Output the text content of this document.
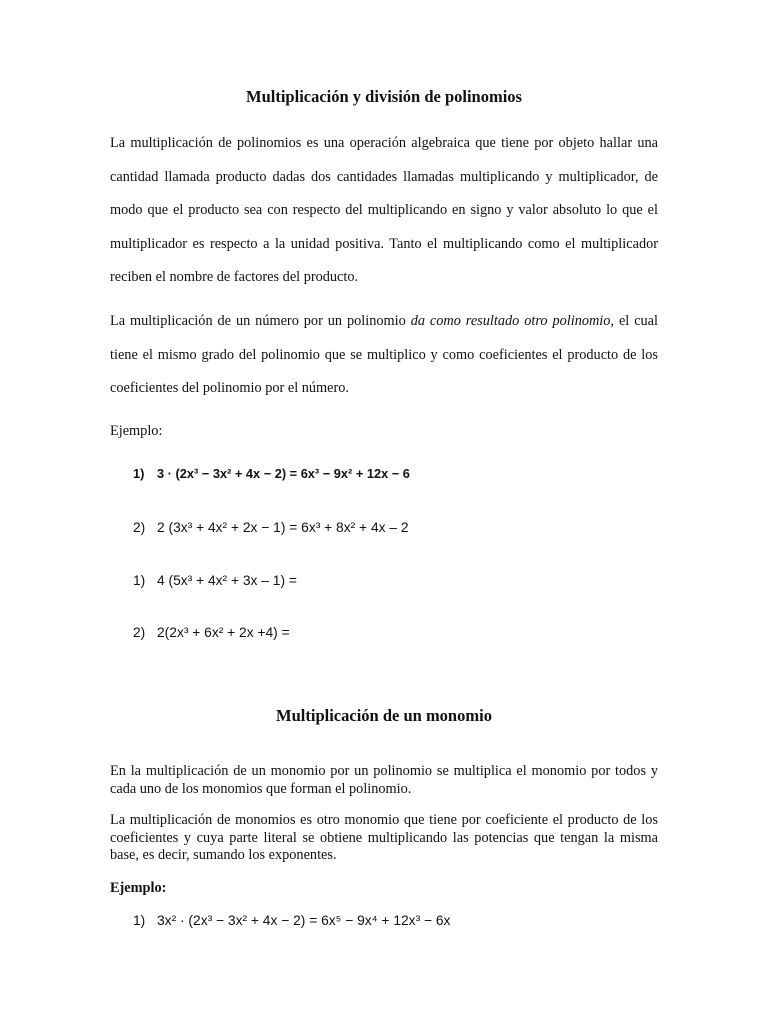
Multiplicación y división de polinomios

La multiplicación de polinomios es una operación algebraica que tiene por objeto hallar una cantidad llamada producto dadas dos cantidades llamadas multiplicando y multiplicador, de modo que el producto sea con respecto del multiplicando en signo y valor absoluto lo que el multiplicador es respecto a la unidad positiva. Tanto el multiplicando como el multiplicador reciben el nombre de factores del producto.

La multiplicación de un número por un polinomio da como resultado otro polinomio, el cual tiene el mismo grado del polinomio que se multiplico y como coeficientes el producto de los coeficientes del polinomio por el número.

Ejemplo:
1) 3 · (2x³ − 3x² + 4x − 2) = 6x³ − 9x² + 12x − 6
2) 2 (3x³ + 4x² + 2x − 1) = 6x³ + 8x² + 4x – 2
1) 4 (5x³ + 4x² + 3x – 1) =
2) 2(2x³ + 6x² + 2x +4) =
Multiplicación de un monomio

En la multiplicación de un monomio por un polinomio se multiplica el monomio por todos y cada uno de los monomios que forman el polinomio.

La multiplicación de monomios es otro monomio que tiene por coeficiente el producto de los coeficientes y cuya parte literal se obtiene multiplicando las potencias que tengan la misma base, es decir, sumando los exponentes.

Ejemplo:
1) 3x² · (2x³ − 3x² + 4x − 2) = 6x⁵ − 9x⁴ + 12x³ − 6x
